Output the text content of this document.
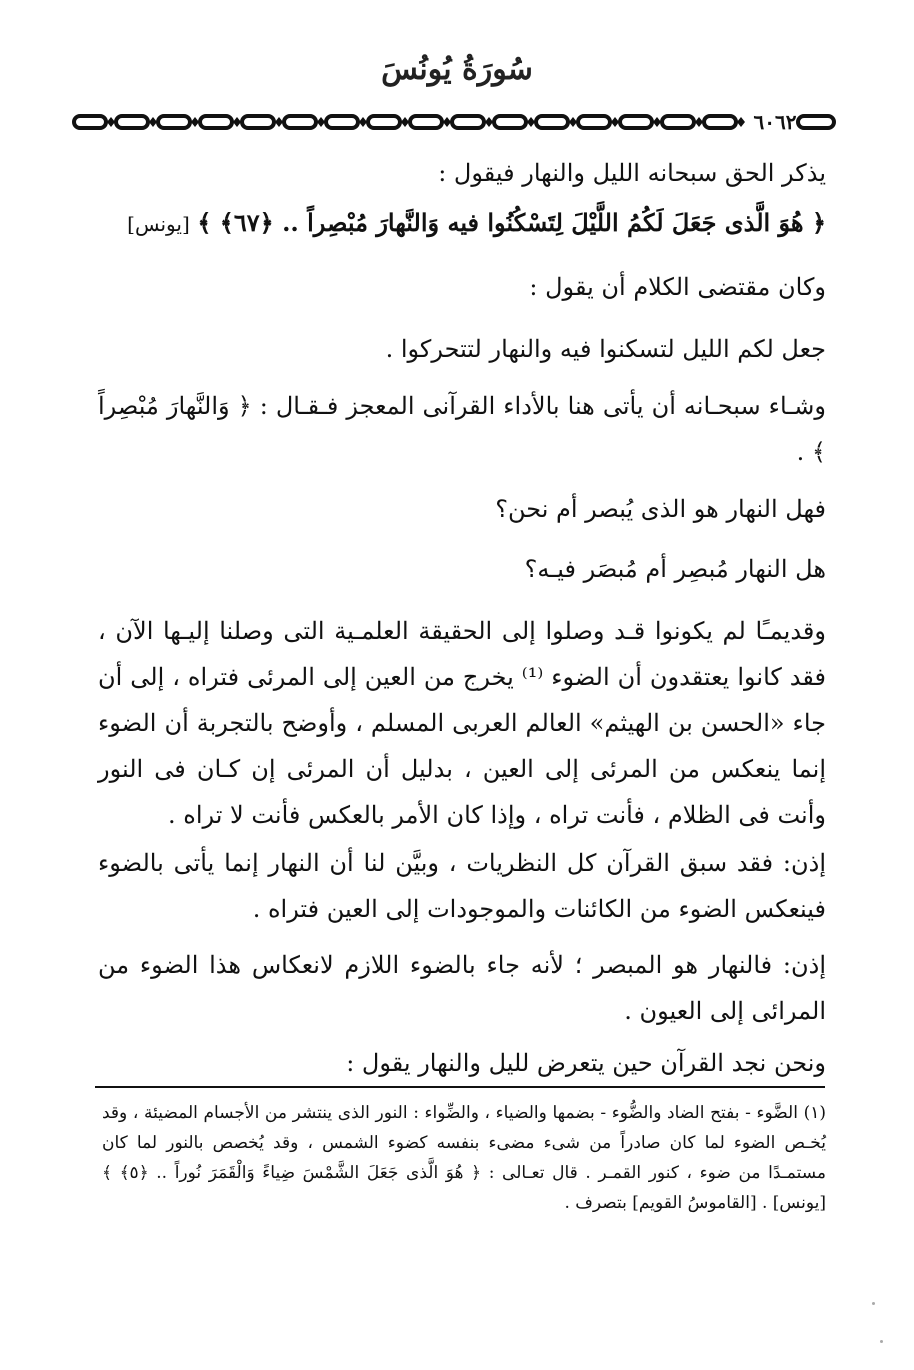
سُورَةُ يُونُسَ
٦٠٦٢
يذكر الحق سبحانه الليل والنهار فيقول :
﴿ هُوَ الَّذى جَعَلَ لَكُمُ اللَّيْلَ لِتَسْكُنُوا فيه وَالنَّهارَ مُبْصِراً .. ﴿٦٧﴾ ﴾ [يونس]
وكان مقتضى الكلام أن يقول :
جعل لكم الليل لتسكنوا فيه والنهار لتتحركوا .
وشـاء سبحـانه أن يأتى هنا بالأداء القرآنى المعجز فـقـال : ﴿ وَالنَّهارَ مُبْصِراً ﴾ .
فهل النهار هو الذى يُبصر أم نحن؟
هل النهار مُبصِر أم مُبصَر فيـه؟
وقديمـًا لم يكونوا قـد وصلوا إلى الحقيقة العلمـية التى وصلنا إليـها الآن ، فقد كانوا يعتقدون أن الضوء ⁽¹⁾ يخرج من العين إلى المرئى فتراه ، إلى أن جاء «الحسن بن الهيثم» العالم العربى المسلم ، وأوضح بالتجربة أن الضوء إنما ينعكس من المرئى إلى العين ، بدليل أن المرئى إن كـان فى النور وأنت فى الظلام ، فأنت تراه ، وإذا كان الأمر بالعكس فأنت لا تراه .
إذن: فقد سبق القرآن كل النظريات ، وبيَّن لنا أن النهار إنما يأتى بالضوء فينعكس الضوء من الكائنات والموجودات إلى العين فتراه .
إذن: فالنهار هو المبصر ؛ لأنه جاء بالضوء اللازم لانعكاس هذا الضوء من المرائى إلى العيون .
ونحن نجد القرآن حين يتعرض لليل والنهار يقول :
(١) الضَّوء - بفتح الضاد والضُّوء - بضمها والضياء ، والضِّواء : النور الذى ينتشر من الأجسام المضيئة ، وقد يُخـص الضوء لما كان صادراً من شىء مضىء بنفسه كضوء الشمس ، وقد يُخصص بالنور لما كان مستمـدًا من ضوء ، كنور القمـر . قال تعـالى : ﴿ هُوَ الَّذى جَعَلَ الشَّمْسَ ضِياءً وَالْقَمَرَ نُوراً .. ﴿٥﴾ ﴾ [يونس] . [القاموسُ القويم] بتصرف .
